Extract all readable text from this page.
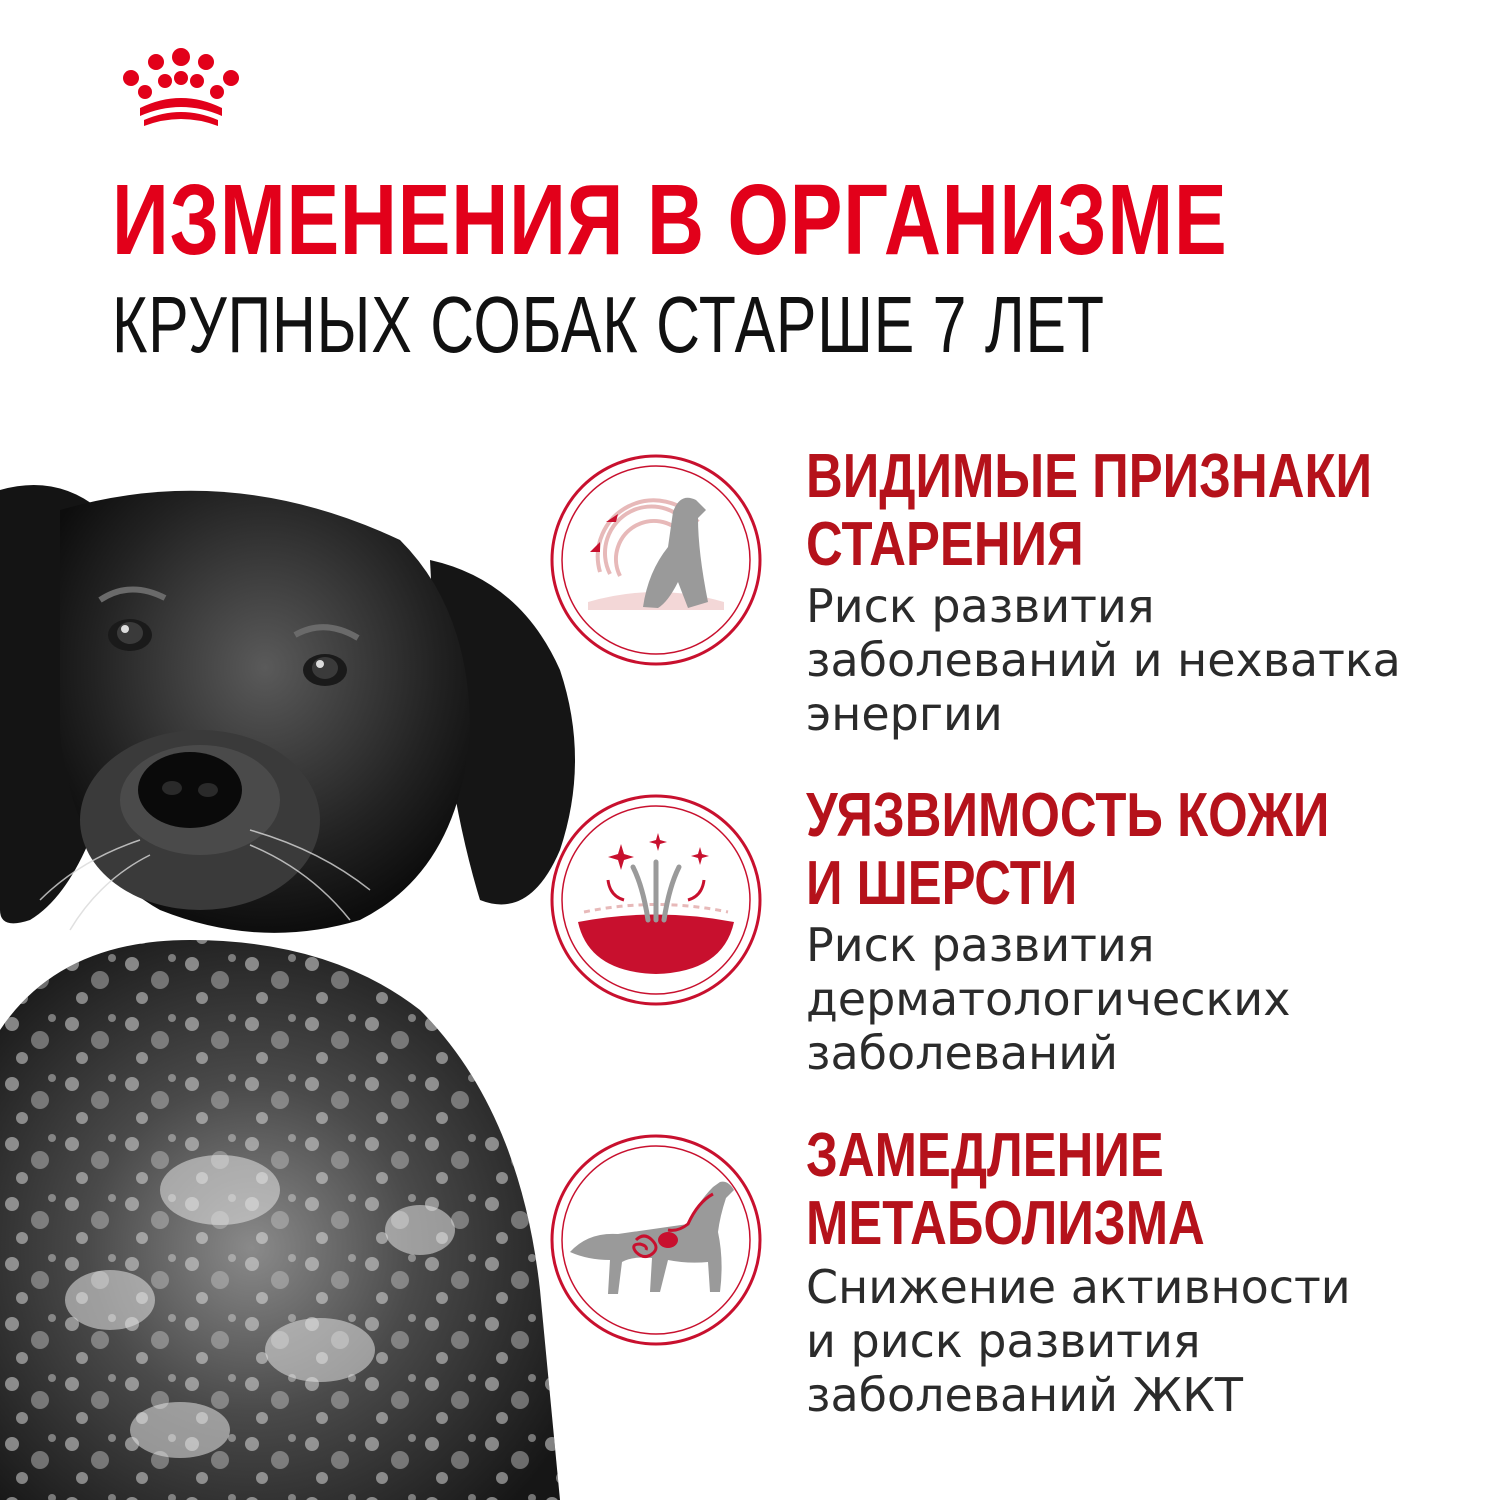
ИЗМЕНЕНИЯ В ОРГАНИЗМЕ
КРУПНЫХ СОБАК СТАРШЕ 7 ЛЕТ
ВИДИМЫЕ ПРИЗНАКИ
СТАРЕНИЯ

Риск развития
заболеваний и нехватка
энергии

УЯЗВИМОСТЬ КОЖИ
И ШЕРСТИ

Риск развития
дерматологических
заболеваний

ЗАМЕДЛЕНИЕ
МЕТАБОЛИЗМА

Снижение активности
и риск развития
заболеваний ЖКТ
